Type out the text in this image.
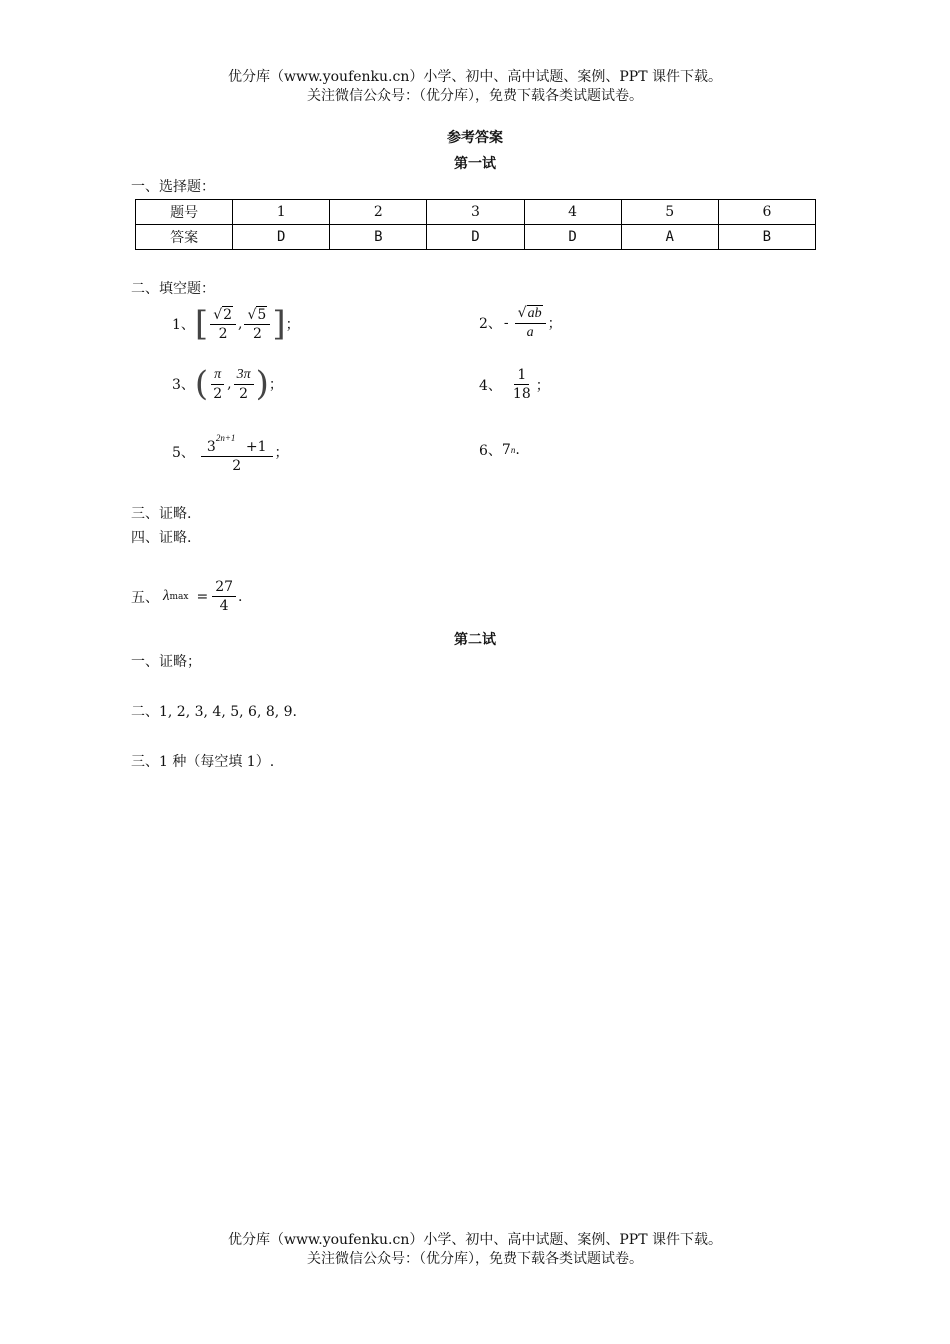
优分库（www.youfenku.cn）小学、初中、高中试题、案例、PPT 课件下载。
关注微信公众号：（优分库），免费下载各类试题试卷。
参考答案
第一试
一、选择题：
题号	1	2	3	4	5	6
答案	D	B	D	D	A	B
二、填空题：
1、 [ $\frac{√2}{2}$ , $\frac{√5}{2}$ ] ；	2、 - $\frac{√ab}{a}$ ；
3、 ( $\frac{\pi}{2}$ , $\frac{3\pi}{2}$ ) ；	4、 $\frac{1}{18}$ ；
5、 $\frac{3^{2n+1} +1}{2}$ ；	6、 7 n .
三、证略.
四、证略.
五、 λ $\max = \frac{27}{4}$ .
第二试
一、证略；
二、1, 2, 3, 4, 5, 6, 8, 9.
三、1 种（每空填 1）.
优分库（www.youfenku.cn）小学、初中、高中试题、案例、PPT 课件下载。
关注微信公众号：（优分库），免费下载各类试题试卷。
